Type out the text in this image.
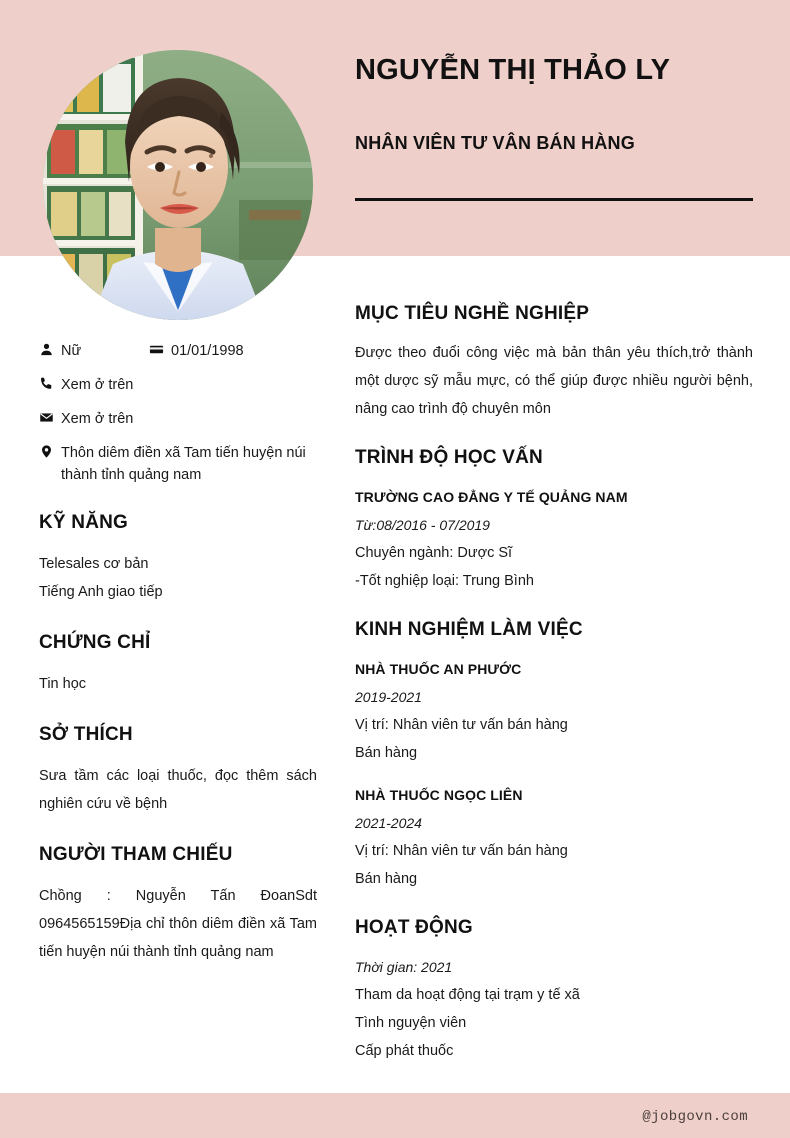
NGUYỄN THỊ THẢO LY
NHÂN VIÊN TƯ VÂN BÁN HÀNG
Nữ	01/01/1998
Xem ở trên
Xem ở trên
Thôn diêm điền xã Tam tiến huyện núi thành tỉnh quảng nam
KỸ NĂNG
Telesales cơ bản
Tiếng Anh giao tiếp
CHỨNG CHỈ
Tin học
SỞ THÍCH

Sưa tầm các loại thuốc, đọc thêm sách nghiên cứu về bệnh

NGƯỜI THAM CHIẾU

Chồng : Nguyễn Tấn ĐoanSdt 0964565159Địa chỉ thôn diêm điền xã Tam tiến huyện núi thành tỉnh quảng nam

MỤC TIÊU NGHỀ NGHIỆP

Được theo đuổi công việc mà bản thân yêu thích,trở thành một dược sỹ mẫu mực, có thể giúp được nhiều người bệnh, nâng cao trình độ chuyên môn

TRÌNH ĐỘ HỌC VẤN
TRƯỜNG CAO ĐẲNG Y TẾ QUẢNG NAM
Từ:08/2016 - 07/2019
Chuyên ngành: Dược Sĩ
-Tốt nghiệp loại: Trung Bình
KINH NGHIỆM LÀM VIỆC
NHÀ THUỐC AN PHƯỚC
2019-2021
Vị trí: Nhân viên tư vấn bán hàng
Bán hàng
NHÀ THUỐC NGỌC LIÊN
2021-2024
Vị trí: Nhân viên tư vấn bán hàng
Bán hàng
HOẠT ĐỘNG
Thời gian: 2021
Tham da hoạt động tại trạm y tế xã
Tình nguyện viên
Cấp phát thuốc
@jobgovn.com
